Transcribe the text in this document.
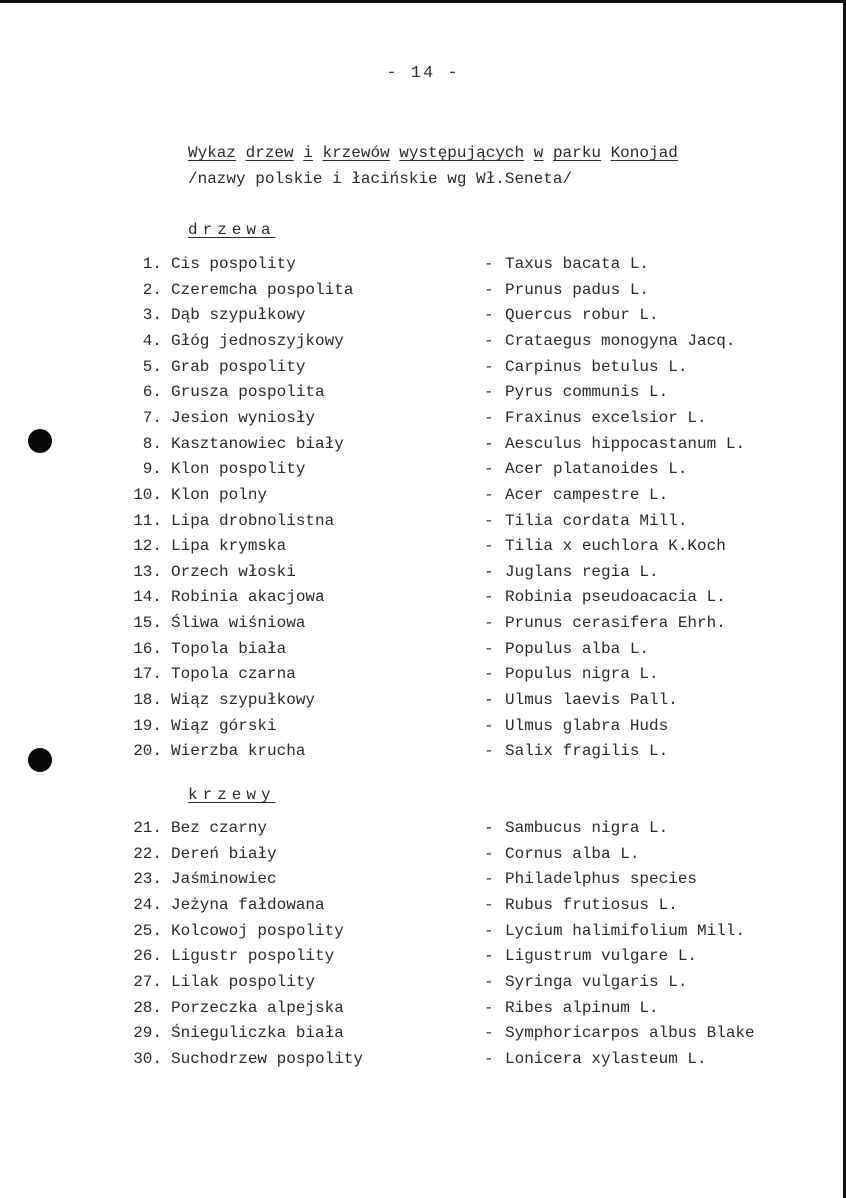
- 14 -
Wykaz drzew i krzewów występujących w parku Konojad
/nazwy polskie i łacińskie wg Wł.Seneta/
drzewa
1. Cis pospolity	- Taxus bacata L.
2. Czeremcha pospolita	- Prunus padus L.
3. Dąb szypułkowy	- Quercus robur L.
4. Głóg jednoszyjkowy	- Crataegus monogyna Jacq.
5. Grab pospolity	- Carpinus betulus L.
6. Grusza pospolita	- Pyrus communis L.
7. Jesion wyniosły	- Fraxinus excelsior L.
8. Kasztanowiec biały	- Aesculus hippocastanum L.
9. Klon pospolity	- Acer platanoides L.
10. Klon polny	- Acer campestre L.
11. Lipa drobnolistna	- Tilia cordata Mill.
12. Lipa krymska	- Tilia x euchlora K.Koch
13. Orzech włoski	- Juglans regia L.
14. Robinia akacjowa	- Robinia pseudoacacia L.
15. Śliwa wiśniowa	- Prunus cerasifera Ehrh.
16. Topola biała	- Populus alba L.
17. Topola czarna	- Populus nigra L.
18. Wiąz szypułkowy	- Ulmus laevis Pall.
19. Wiąz górski	- Ulmus glabra Huds
20. Wierzba krucha	- Salix fragilis L.
krzewy
21. Bez czarny	- Sambucus nigra L.
22. Dereń biały	- Cornus alba L.
23. Jaśminowiec	- Philadelphus species
24. Jeżyna fałdowana	- Rubus frutiosus L.
25. Kolcowoj pospolity	- Lycium halimifolium Mill.
26. Ligustr pospolity	- Ligustrum vulgare L.
27. Lilak pospolity	- Syringa vulgaris L.
28. Porzeczka alpejska	- Ribes alpinum L.
29. Śnieguliczka biała	- Symphoricarpos albus Blake
30. Suchodrzew pospolity	- Lonicera xylasteum L.
